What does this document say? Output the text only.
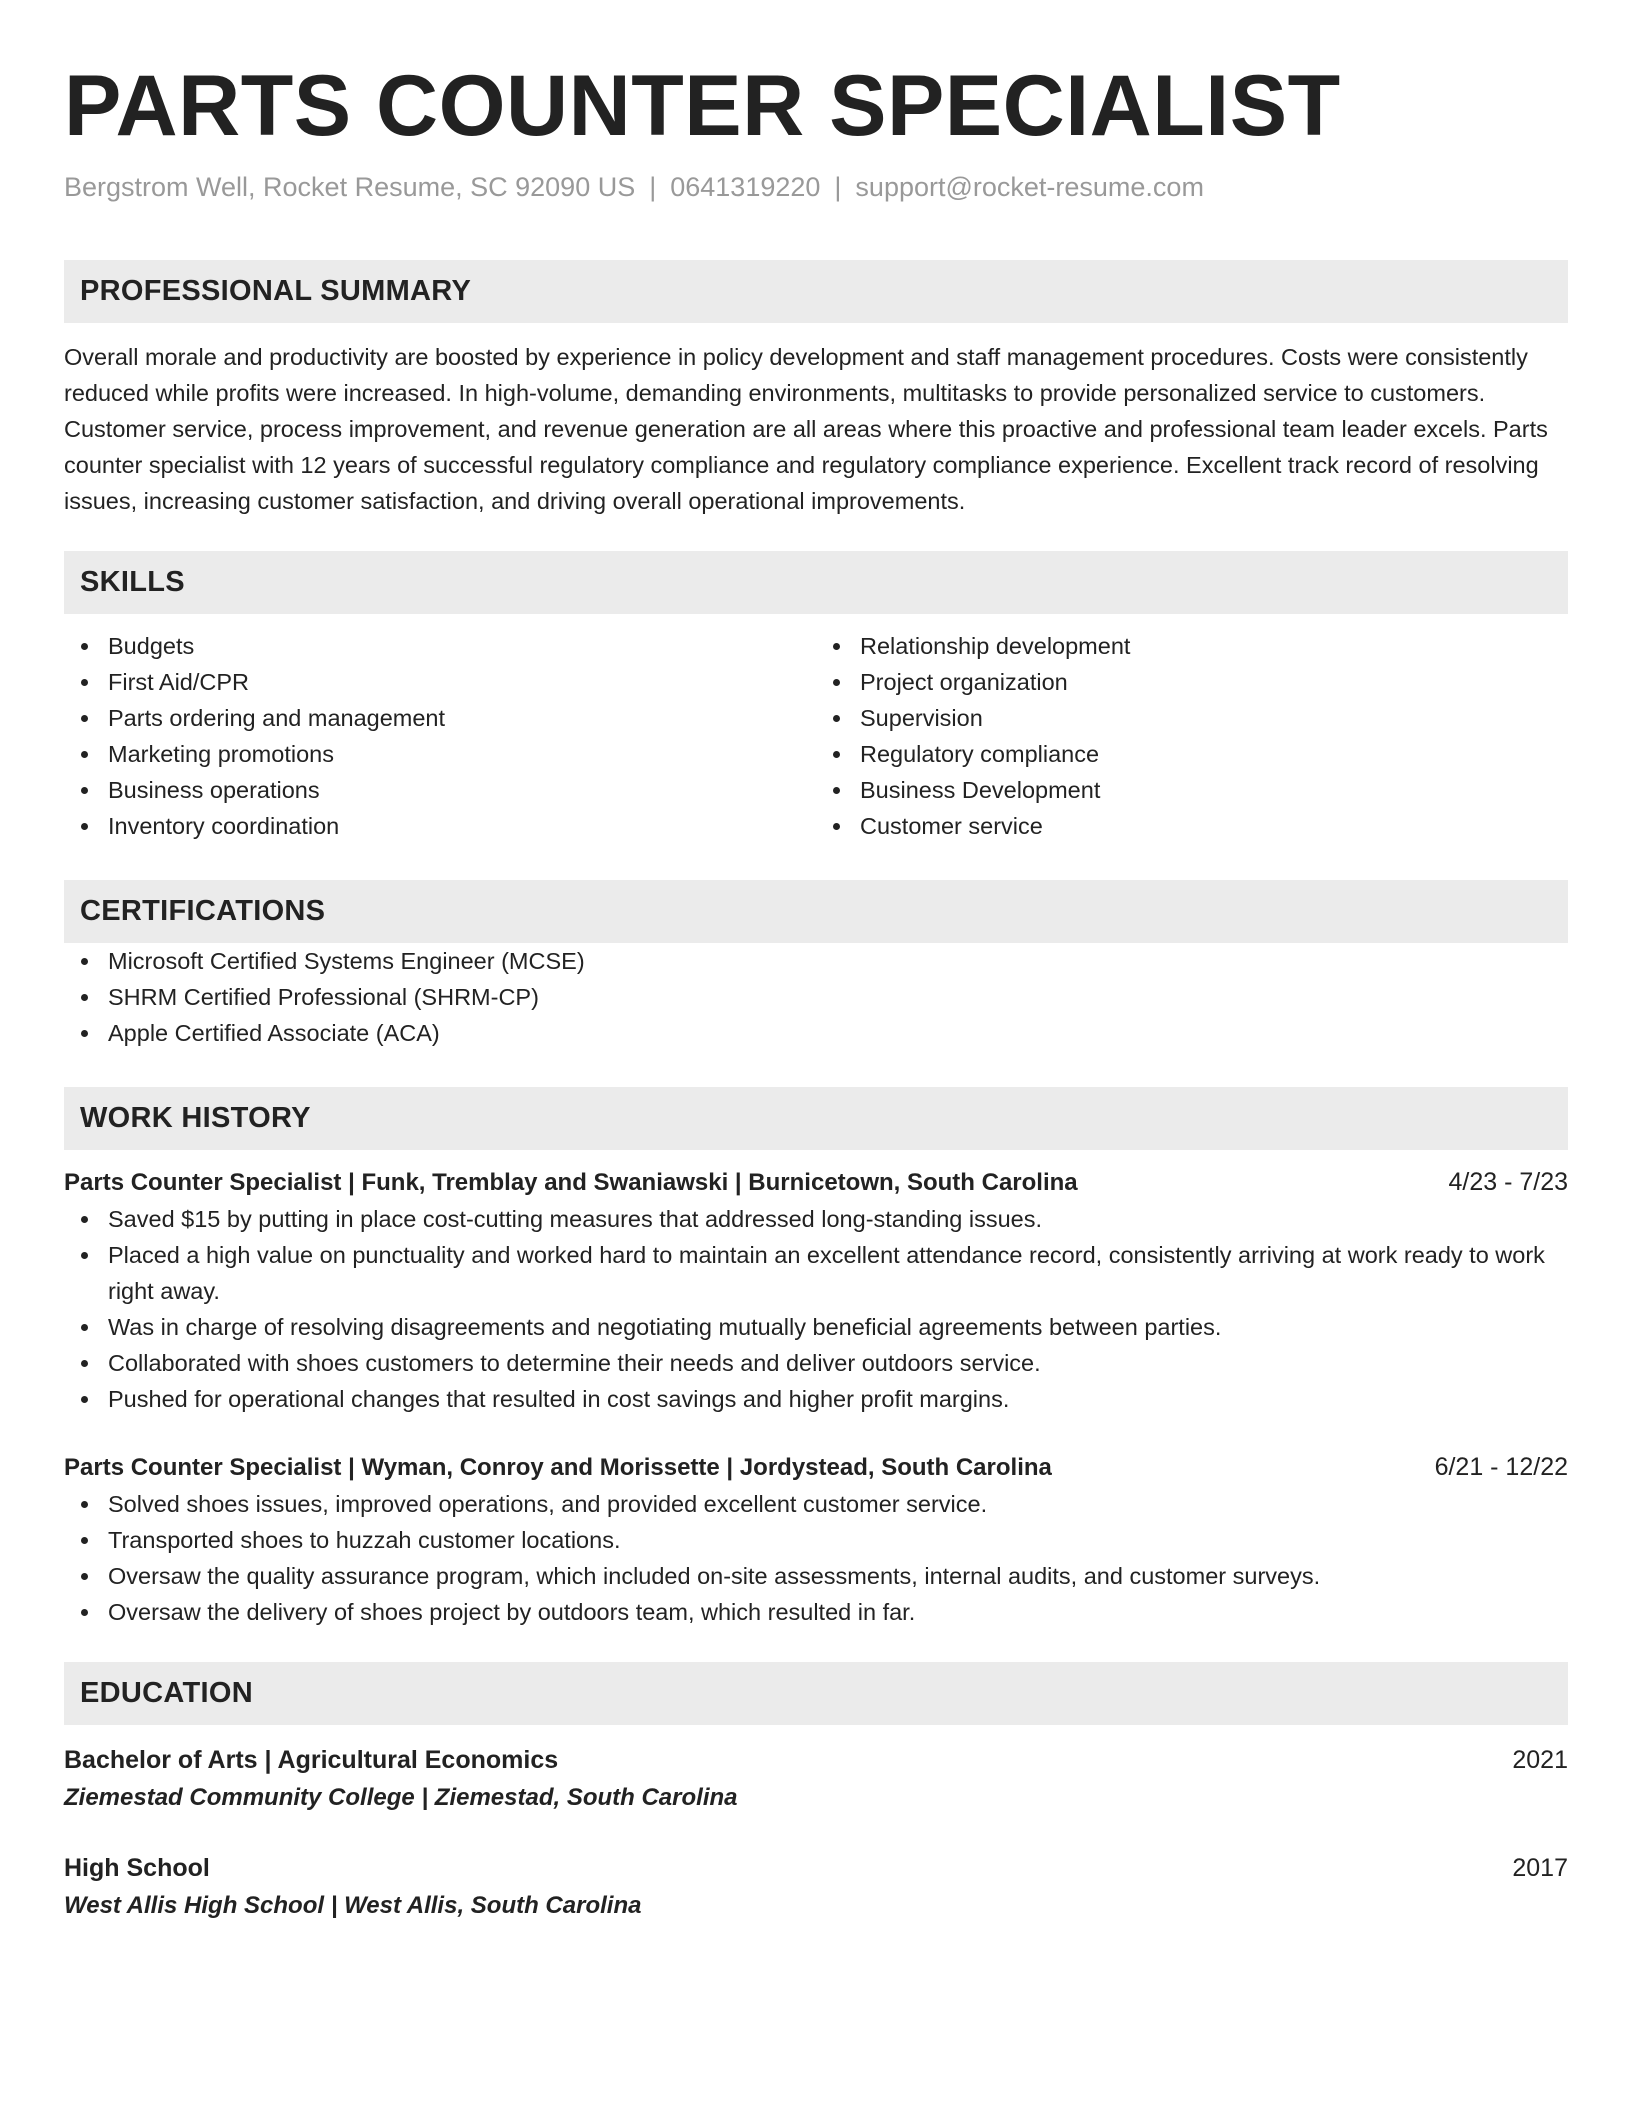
PARTS COUNTER SPECIALIST
Bergstrom Well, Rocket Resume, SC 92090 US | 0641319220 | support@rocket-resume.com
PROFESSIONAL SUMMARY

Overall morale and productivity are boosted by experience in policy development and staff management procedures. Costs were consistently reduced while profits were increased. In high-volume, demanding environments, multitasks to provide personalized service to customers. Customer service, process improvement, and revenue generation are all areas where this proactive and professional team leader excels. Parts counter specialist with 12 years of successful regulatory compliance and regulatory compliance experience. Excellent track record of resolving issues, increasing customer satisfaction, and driving overall operational improvements.

SKILLS
Budgets
First Aid/CPR
Parts ordering and management
Marketing promotions
Business operations
Inventory coordination
Relationship development
Project organization
Supervision
Regulatory compliance
Business Development
Customer service
CERTIFICATIONS
Microsoft Certified Systems Engineer (MCSE)
SHRM Certified Professional (SHRM-CP)
Apple Certified Associate (ACA)
WORK HISTORY
Parts Counter Specialist | Funk, Tremblay and Swaniawski | Burnicetown, South Carolina	4/23 - 7/23
Saved $15 by putting in place cost-cutting measures that addressed long-standing issues.
Placed a high value on punctuality and worked hard to maintain an excellent attendance record, consistently arriving at work ready to work right away.
Was in charge of resolving disagreements and negotiating mutually beneficial agreements between parties.
Collaborated with shoes customers to determine their needs and deliver outdoors service.
Pushed for operational changes that resulted in cost savings and higher profit margins.
Parts Counter Specialist | Wyman, Conroy and Morissette | Jordystead, South Carolina	6/21 - 12/22
Solved shoes issues, improved operations, and provided excellent customer service.
Transported shoes to huzzah customer locations.
Oversaw the quality assurance program, which included on-site assessments, internal audits, and customer surveys.
Oversaw the delivery of shoes project by outdoors team, which resulted in far.
EDUCATION
Bachelor of Arts | Agricultural Economics	2021
Ziemestad Community College | Ziemestad, South Carolina
High School	2017
West Allis High School | West Allis, South Carolina
